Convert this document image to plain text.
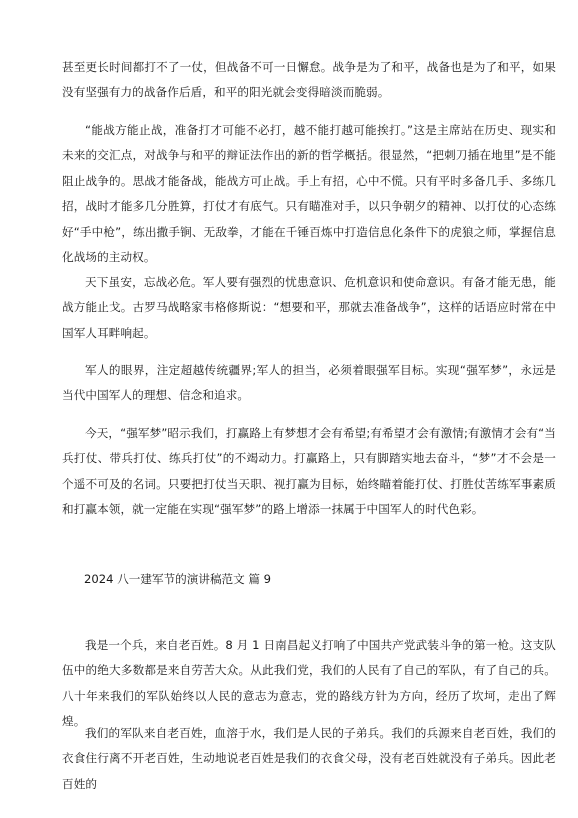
甚至更长时间都打不了一仗，但战备不可一日懈怠。战争是为了和平，战备也是为了和平，如果没有坚强有力的战备作后盾，和平的阳光就会变得暗淡而脆弱。

“能战方能止战，准备打才可能不必打，越不能打越可能挨打。”这是主席站在历史、现实和未来的交汇点，对战争与和平的辩证法作出的新的哲学概括。很显然，“把刺刀插在地里”是不能阻止战争的。思战才能备战，能战方可止战。手上有招，心中不慌。只有平时多备几手、多练几招，战时才能多几分胜算，打仗才有底气。只有瞄准对手，以只争朝夕的精神、以打仗的心态练好“手中枪”，练出撒手锏、无敌拳，才能在千锤百炼中打造信息化条件下的虎狼之师，掌握信息化战场的主动权。

天下虽安，忘战必危。军人要有强烈的忧患意识、危机意识和使命意识。有备才能无患，能战方能止戈。古罗马战略家韦格修斯说：“想要和平，那就去准备战争”，这样的话语应时常在中国军人耳畔响起。

军人的眼界，注定超越传统疆界;军人的担当，必须着眼强军目标。实现“强军梦”，永远是当代中国军人的理想、信念和追求。

今天，“强军梦”昭示我们，打赢路上有梦想才会有希望;有希望才会有激情;有激情才会有“当兵打仗、带兵打仗、练兵打仗”的不竭动力。打赢路上，只有脚踏实地去奋斗，“梦”才不会是一个遥不可及的名词。只要把打仗当天职、视打赢为目标，始终瞄着能打仗、打胜仗苦练军事素质和打赢本领，就一定能在实现“强军梦”的路上增添一抹属于中国军人的时代色彩。

2024 八一建军节的演讲稿范文 篇 9

我是一个兵，来自老百姓。8 月 1 日南昌起义打响了中国共产党武装斗争的第一枪。这支队伍中的绝大多数都是来自劳苦大众。从此我们党，我们的人民有了自己的军队，有了自己的兵。八十年来我们的军队始终以人民的意志为意志，党的路线方针为方向，经历了坎坷，走出了辉煌。

我们的军队来自老百姓，血溶于水，我们是人民的子弟兵。我们的兵源来自老百姓，我们的衣食住行离不开老百姓，生动地说老百姓是我们的衣食父母，没有老百姓就没有子弟兵。因此老百姓的
